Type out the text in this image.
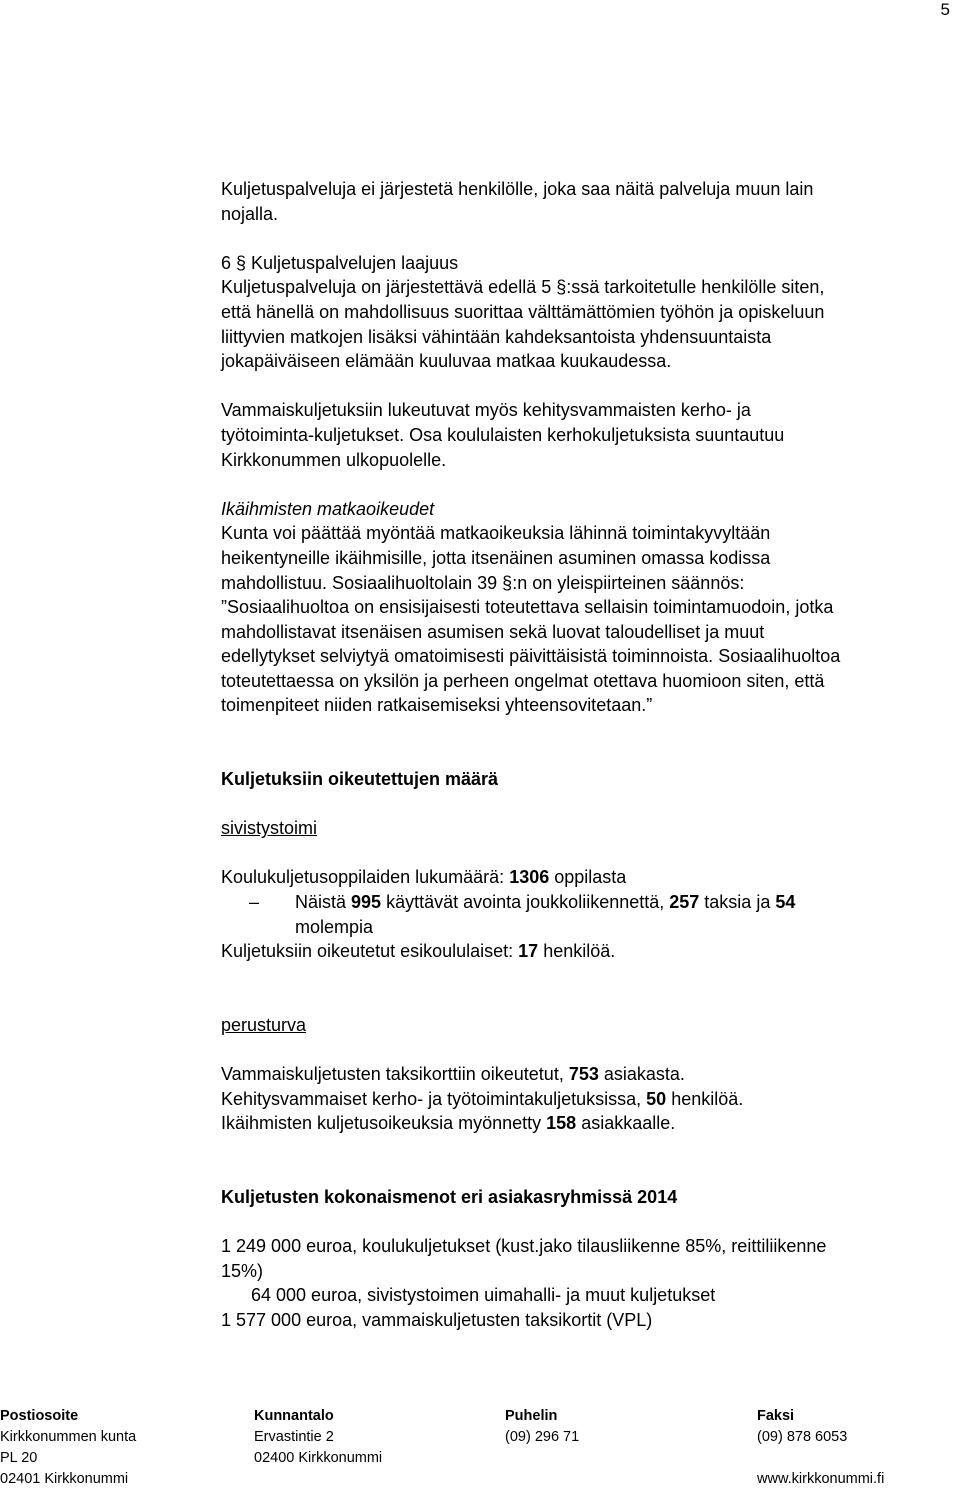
5

Kuljetuspalveluja ei järjestetä henkilölle, joka saa näitä palveluja muun lain

nojalla.

6 § Kuljetuspalvelujen laajuus

Kuljetuspalveluja on järjestettävä edellä 5 §:ssä tarkoitetulle henkilölle siten,

että hänellä on mahdollisuus suorittaa välttämättömien työhön ja opiskeluun

liittyvien matkojen lisäksi vähintään kahdeksantoista yhdensuuntaista

jokapäiväiseen elämään kuuluvaa matkaa kuukaudessa.

Vammaiskuljetuksiin lukeutuvat myös kehitysvammaisten kerho- ja

työtoiminta-kuljetukset. Osa koululaisten kerhokuljetuksista suuntautuu

Kirkkonummen ulkopuolelle.

Ikäihmisten matkaoikeudet

Kunta voi päättää myöntää matkaoikeuksia lähinnä toimintakyvyltään

heikentyneille ikäihmisille, jotta itsenäinen asuminen omassa kodissa

mahdollistuu. Sosiaalihuoltolain 39 §:n on yleispiirteinen säännös:

”Sosiaalihuoltoa on ensisijaisesti toteutettava sellaisin toimintamuodoin, jotka

mahdollistavat itsenäisen asumisen sekä luovat taloudelliset ja muut

edellytykset selviytyä omatoimisesti päivittäisistä toiminnoista. Sosiaalihuoltoa

toteutettaessa on yksilön ja perheen ongelmat otettava huomioon siten, että

toimenpiteet niiden ratkaisemiseksi yhteensovitetaan.”

Kuljetuksiin oikeutettujen määrä

sivistystoimi

Koulukuljetusoppilaiden lukumäärä: 1306 oppilasta

– Näistä 995 käyttävät avointa joukkoliikennettä, 257 taksia ja 54

molempia

Kuljetuksiin oikeutetut esikoululaiset: 17 henkilöä.

perusturva

Vammaiskuljetusten taksikorttiin oikeutetut, 753 asiakasta.

Kehitysvammaiset kerho- ja työtoimintakuljetuksissa, 50 henkilöä.

Ikäihmisten kuljetusoikeuksia myönnetty 158 asiakkaalle.

Kuljetusten kokonaismenot eri asiakasryhmissä 2014

1 249 000 euroa, koulukuljetukset (kust.jako tilausliikenne 85%, reittiliikenne

15%)

64 000 euroa, sivistystoimen uimahalli- ja muut kuljetukset

1 577 000 euroa, vammaiskuljetusten taksikortit (VPL)

Postiosoite
Kirkkonummen kunta
PL 20
02401 Kirkkonummi
Kunnantalo
Ervastintie 2
02400 Kirkkonummi
Puhelin
(09) 296 71
Faksi
(09) 878 6053
www.kirkkonummi.fi
